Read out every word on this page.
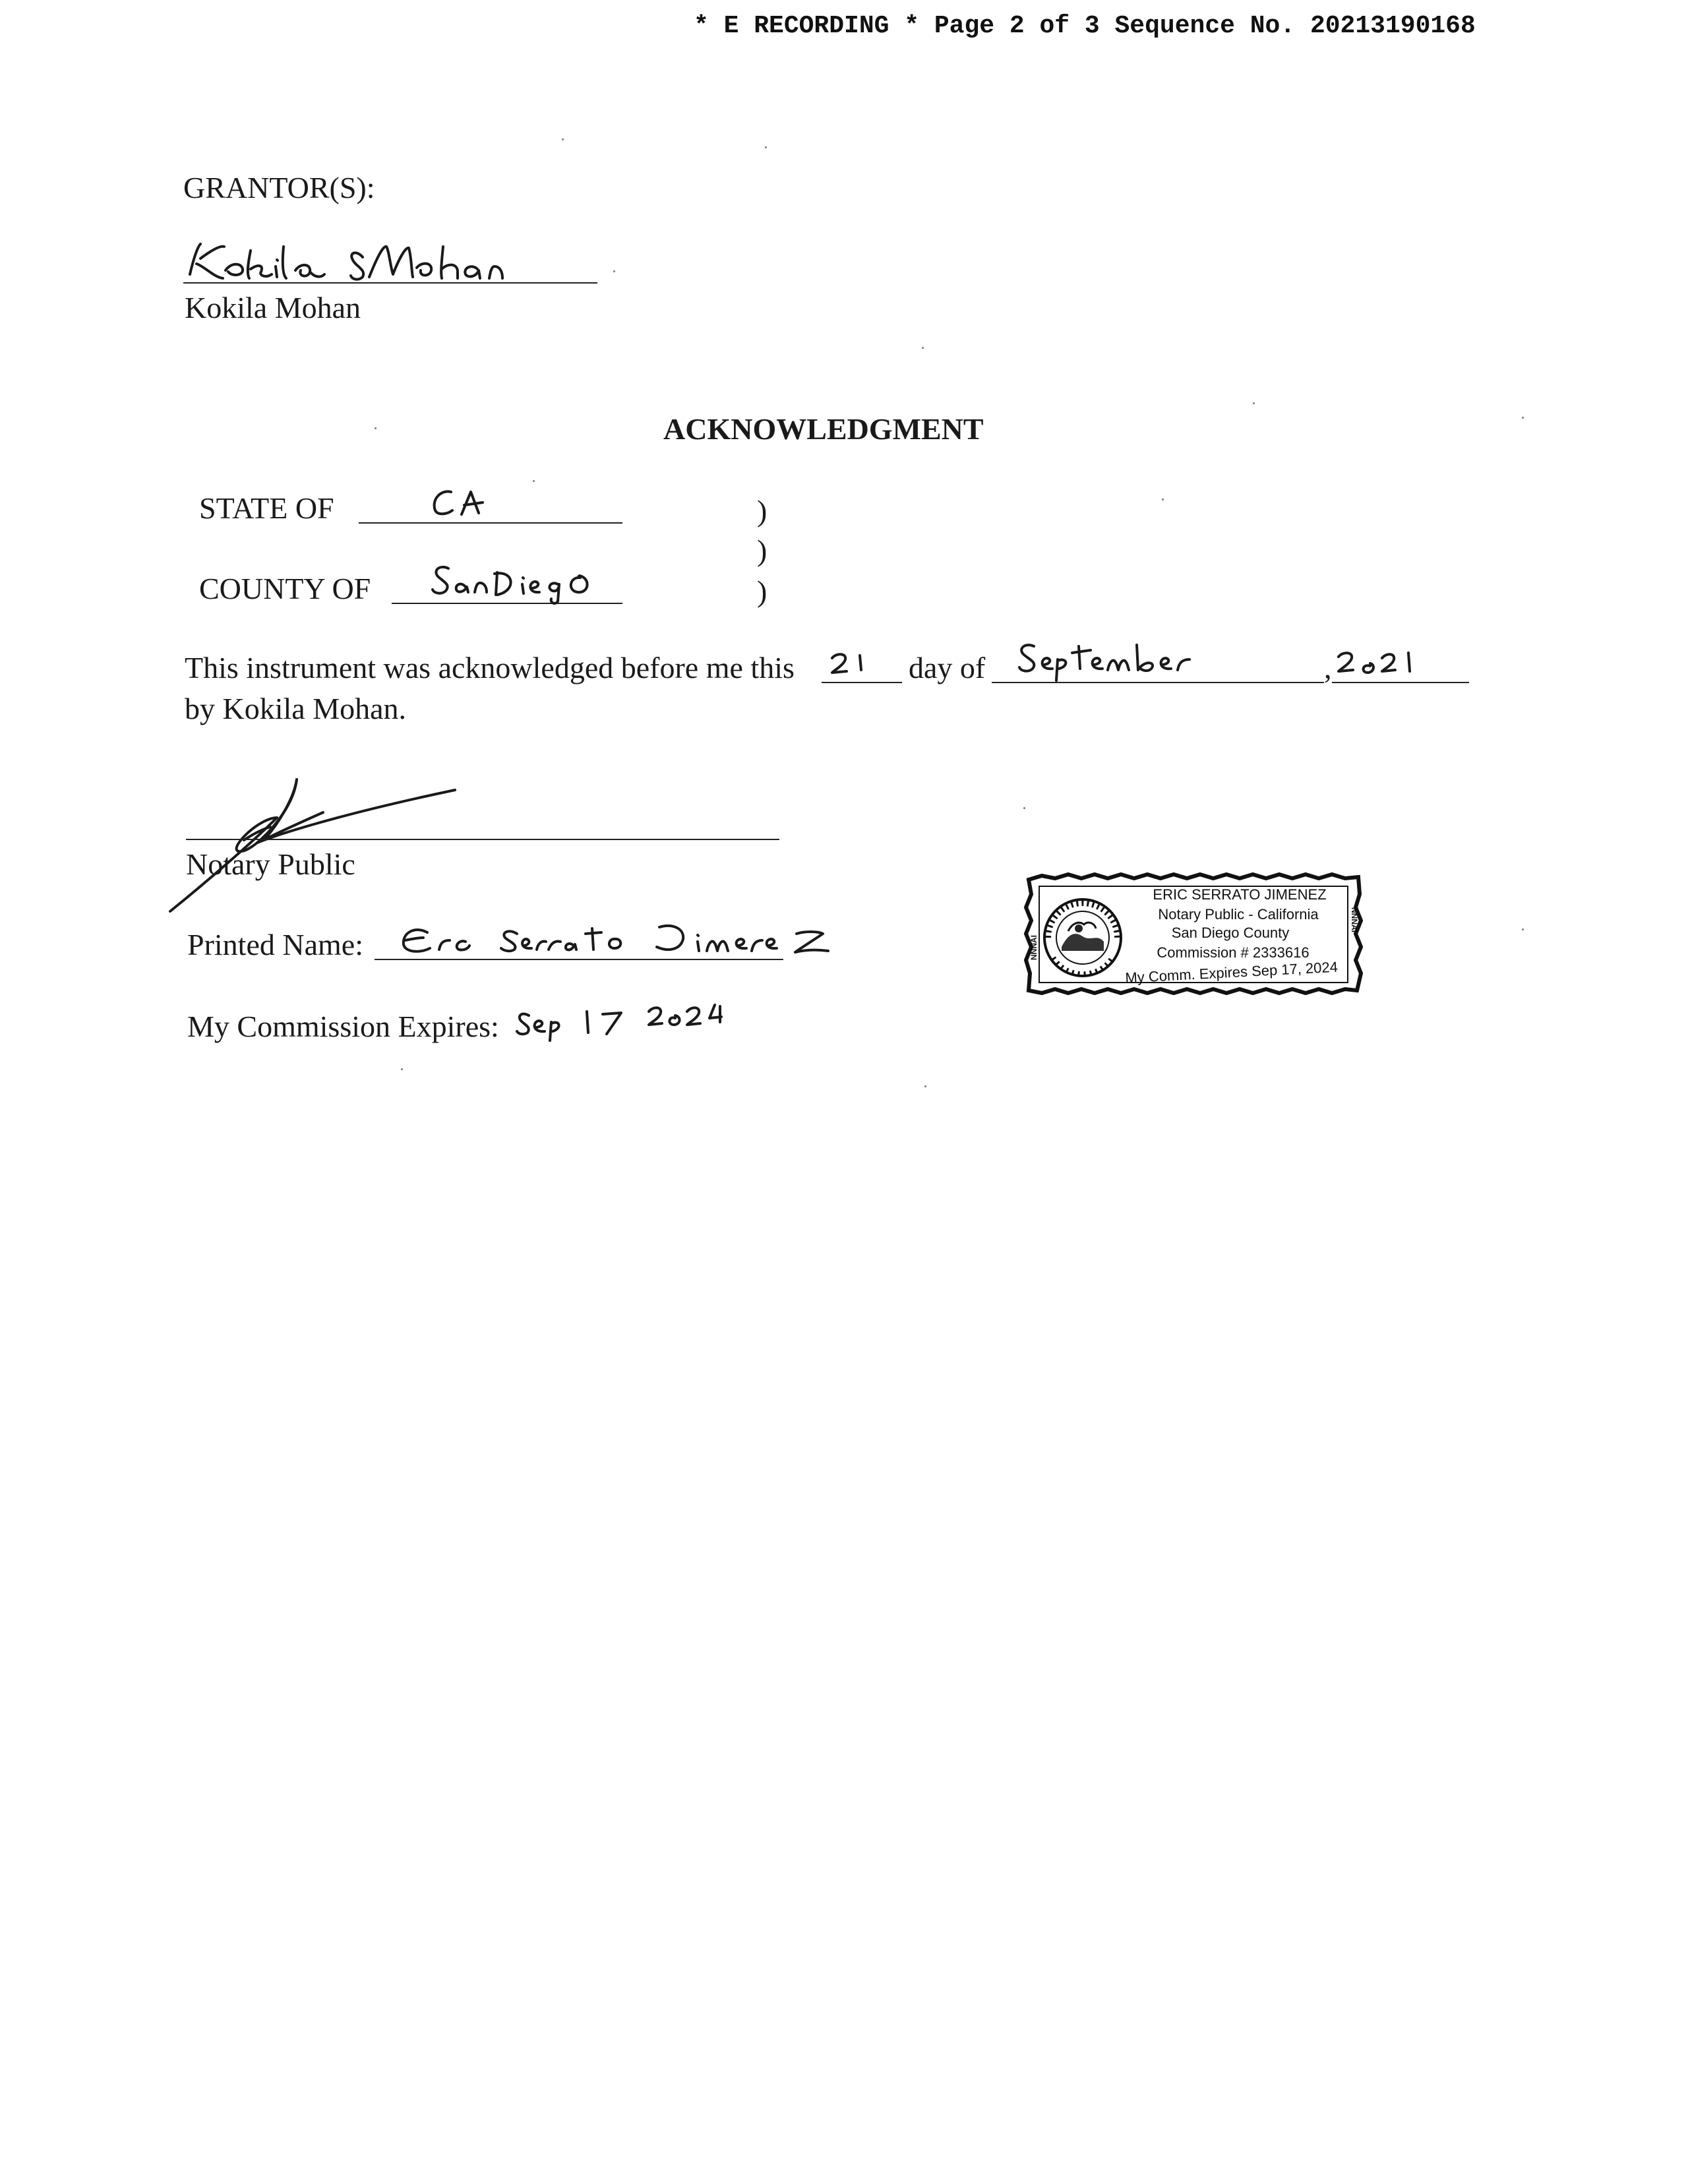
* E RECORDING * Page 2 of 3 Sequence No. 20213190168
GRANTOR(S):
Kokila Mohan
ACKNOWLEDGMENT
STATE OF	)
)
COUNTY OF	)
This instrument was acknowledged before me this	day of	,
by Kokila Mohan.
Notary Public
Printed Name:
My Commission Expires:
NNNAI
NNNAI
ERIC SERRATO JIMENEZ
Notary Public - California
San Diego County
Commission # 2333616
My Comm. Expires Sep 17, 2024
